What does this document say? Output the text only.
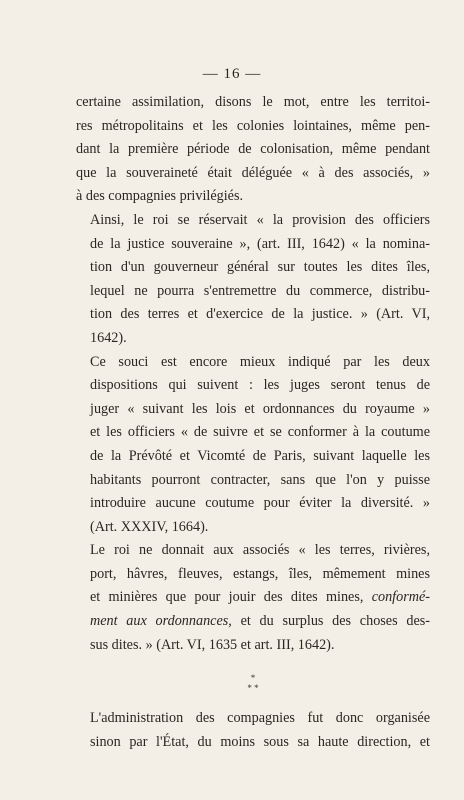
— 16 —

certaine assimilation, disons le mot, entre les territoi-
res métropolitains et les colonies lointaines, même pen-
dant la première période de colonisation, même pendant
que la souveraineté était déléguée « à des associés, »
à des compagnies privilégiés.

Ainsi, le roi se réservait « la provision des officiers
de la justice souveraine », (art. III, 1642) « la nomina-
tion d'un gouverneur général sur toutes les dites îles,
lequel ne pourra s'entremettre du commerce, distribu-
tion des terres et d'exercice de la justice. » (Art. VI,
1642).

Ce souci est encore mieux indiqué par les deux
dispositions qui suivent : les juges seront tenus de
juger « suivant les lois et ordonnances du royaume »
et les officiers « de suivre et se conformer à la coutume
de la Prévôté et Vicomté de Paris, suivant laquelle les
habitants pourront contracter, sans que l'on y puisse
introduire aucune coutume pour éviter la diversité. »
(Art. XXXIV, 1664).

Le roi ne donnait aux associés « les terres, rivières,
port, hâvres, fleuves, estangs, îles, mêmement mines
et minières que pour jouir des dites mines, conformé-
ment aux ordonnances, et du surplus des choses des-
sus dites. » (Art. VI, 1635 et art. III, 1642).

*
* *

L'administration des compagnies fut donc organisée
sinon par l'État, du moins sous sa haute direction, et
